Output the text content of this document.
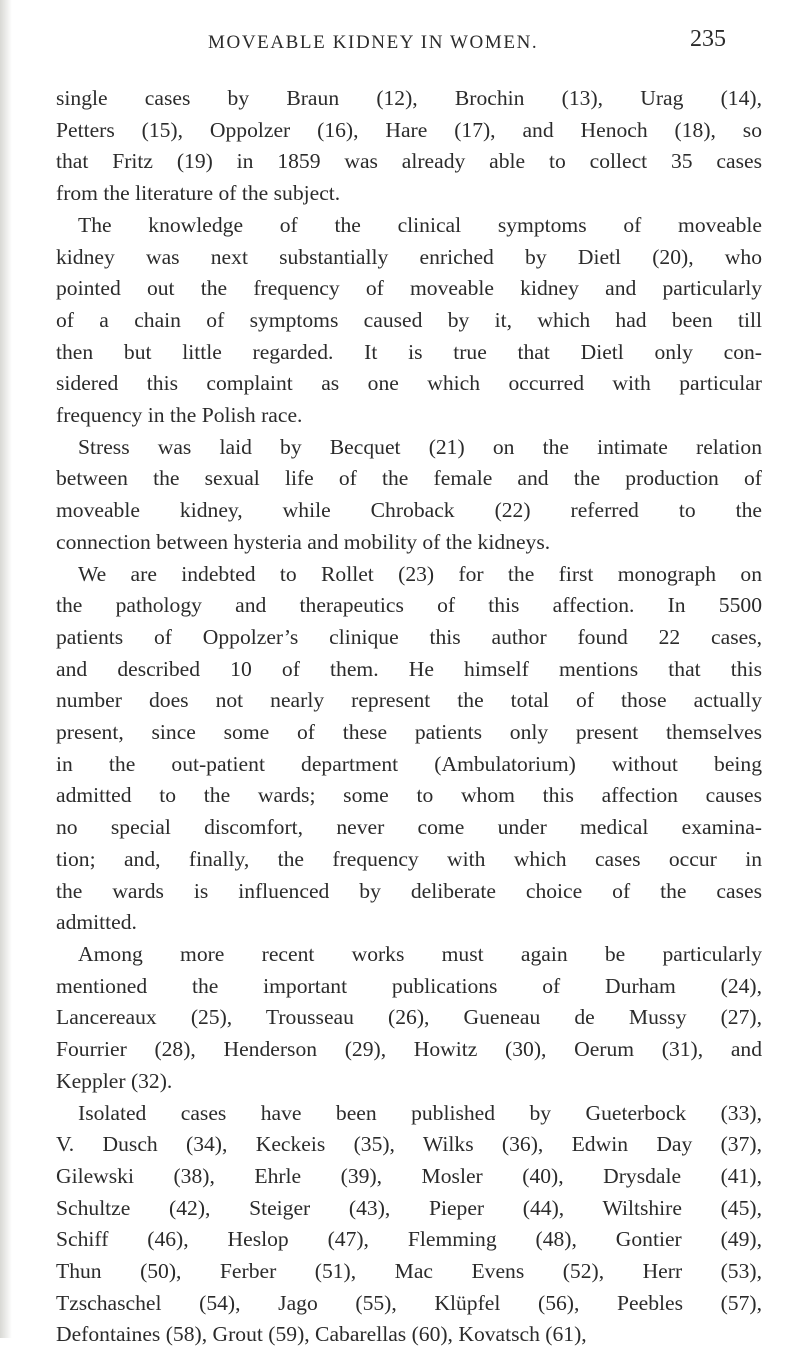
MOVEABLE KIDNEY IN WOMEN.	235
single cases by Braun (12), Brochin (13), Urag (14),
Petters (15), Oppolzer (16), Hare (17), and Henoch (18), so
that Fritz (19) in 1859 was already able to collect 35 cases
from the literature of the subject.
The knowledge of the clinical symptoms of moveable
kidney was next substantially enriched by Dietl (20), who
pointed out the frequency of moveable kidney and particularly
of a chain of symptoms caused by it, which had been till
then but little regarded. It is true that Dietl only con-
sidered this complaint as one which occurred with particular
frequency in the Polish race.
Stress was laid by Becquet (21) on the intimate relation
between the sexual life of the female and the production of
moveable kidney, while Chroback (22) referred to the
connection between hysteria and mobility of the kidneys.
We are indebted to Rollet (23) for the first monograph on
the pathology and therapeutics of this affection. In 5500
patients of Oppolzer’s clinique this author found 22 cases,
and described 10 of them. He himself mentions that this
number does not nearly represent the total of those actually
present, since some of these patients only present themselves
in the out-patient department (Ambulatorium) without being
admitted to the wards; some to whom this affection causes
no special discomfort, never come under medical examina-
tion; and, finally, the frequency with which cases occur in
the wards is influenced by deliberate choice of the cases
admitted.
Among more recent works must again be particularly
mentioned the important publications of Durham (24),
Lancereaux (25), Trousseau (26), Gueneau de Mussy (27),
Fourrier (28), Henderson (29), Howitz (30), Oerum (31), and
Keppler (32).
Isolated cases have been published by Gueterbock (33),
V. Dusch (34), Keckeis (35), Wilks (36), Edwin Day (37),
Gilewski (38), Ehrle (39), Mosler (40), Drysdale (41),
Schultze (42), Steiger (43), Pieper (44), Wiltshire (45),
Schiff (46), Heslop (47), Flemming (48), Gontier (49),
Thun (50), Ferber (51), Mac Evens (52), Herr (53),
Tzschaschel (54), Jago (55), Klüpfel (56), Peebles (57),
Defontaines (58), Grout (59), Cabarellas (60), Kovatsch (61),
